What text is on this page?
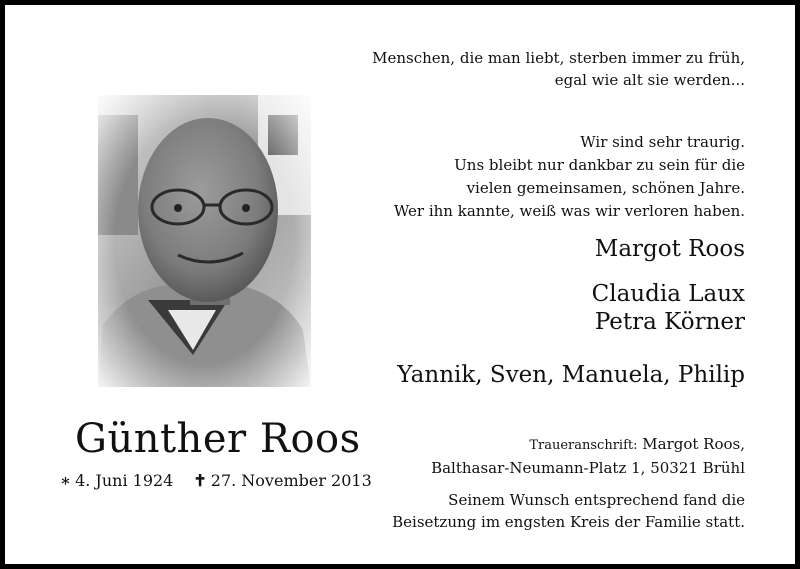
Menschen, die man liebt, sterben immer zu früh,
egal wie alt sie werden...
Wir sind sehr traurig.
Uns bleibt nur dankbar zu sein für die
vielen gemeinsamen, schönen Jahre.
Wer ihn kannte, weiß was wir verloren haben.
Margot Roos
Claudia Laux
Petra Körner
Yannik, Sven, Manuela, Philip
Günther Roos
∗ 4. Juni 1924 ✝ 27. November 2013
Traueranschrift: Margot Roos,
Balthasar-Neumann-Platz 1, 50321 Brühl
Seinem Wunsch entsprechend fand die
Beisetzung im engsten Kreis der Familie statt.
